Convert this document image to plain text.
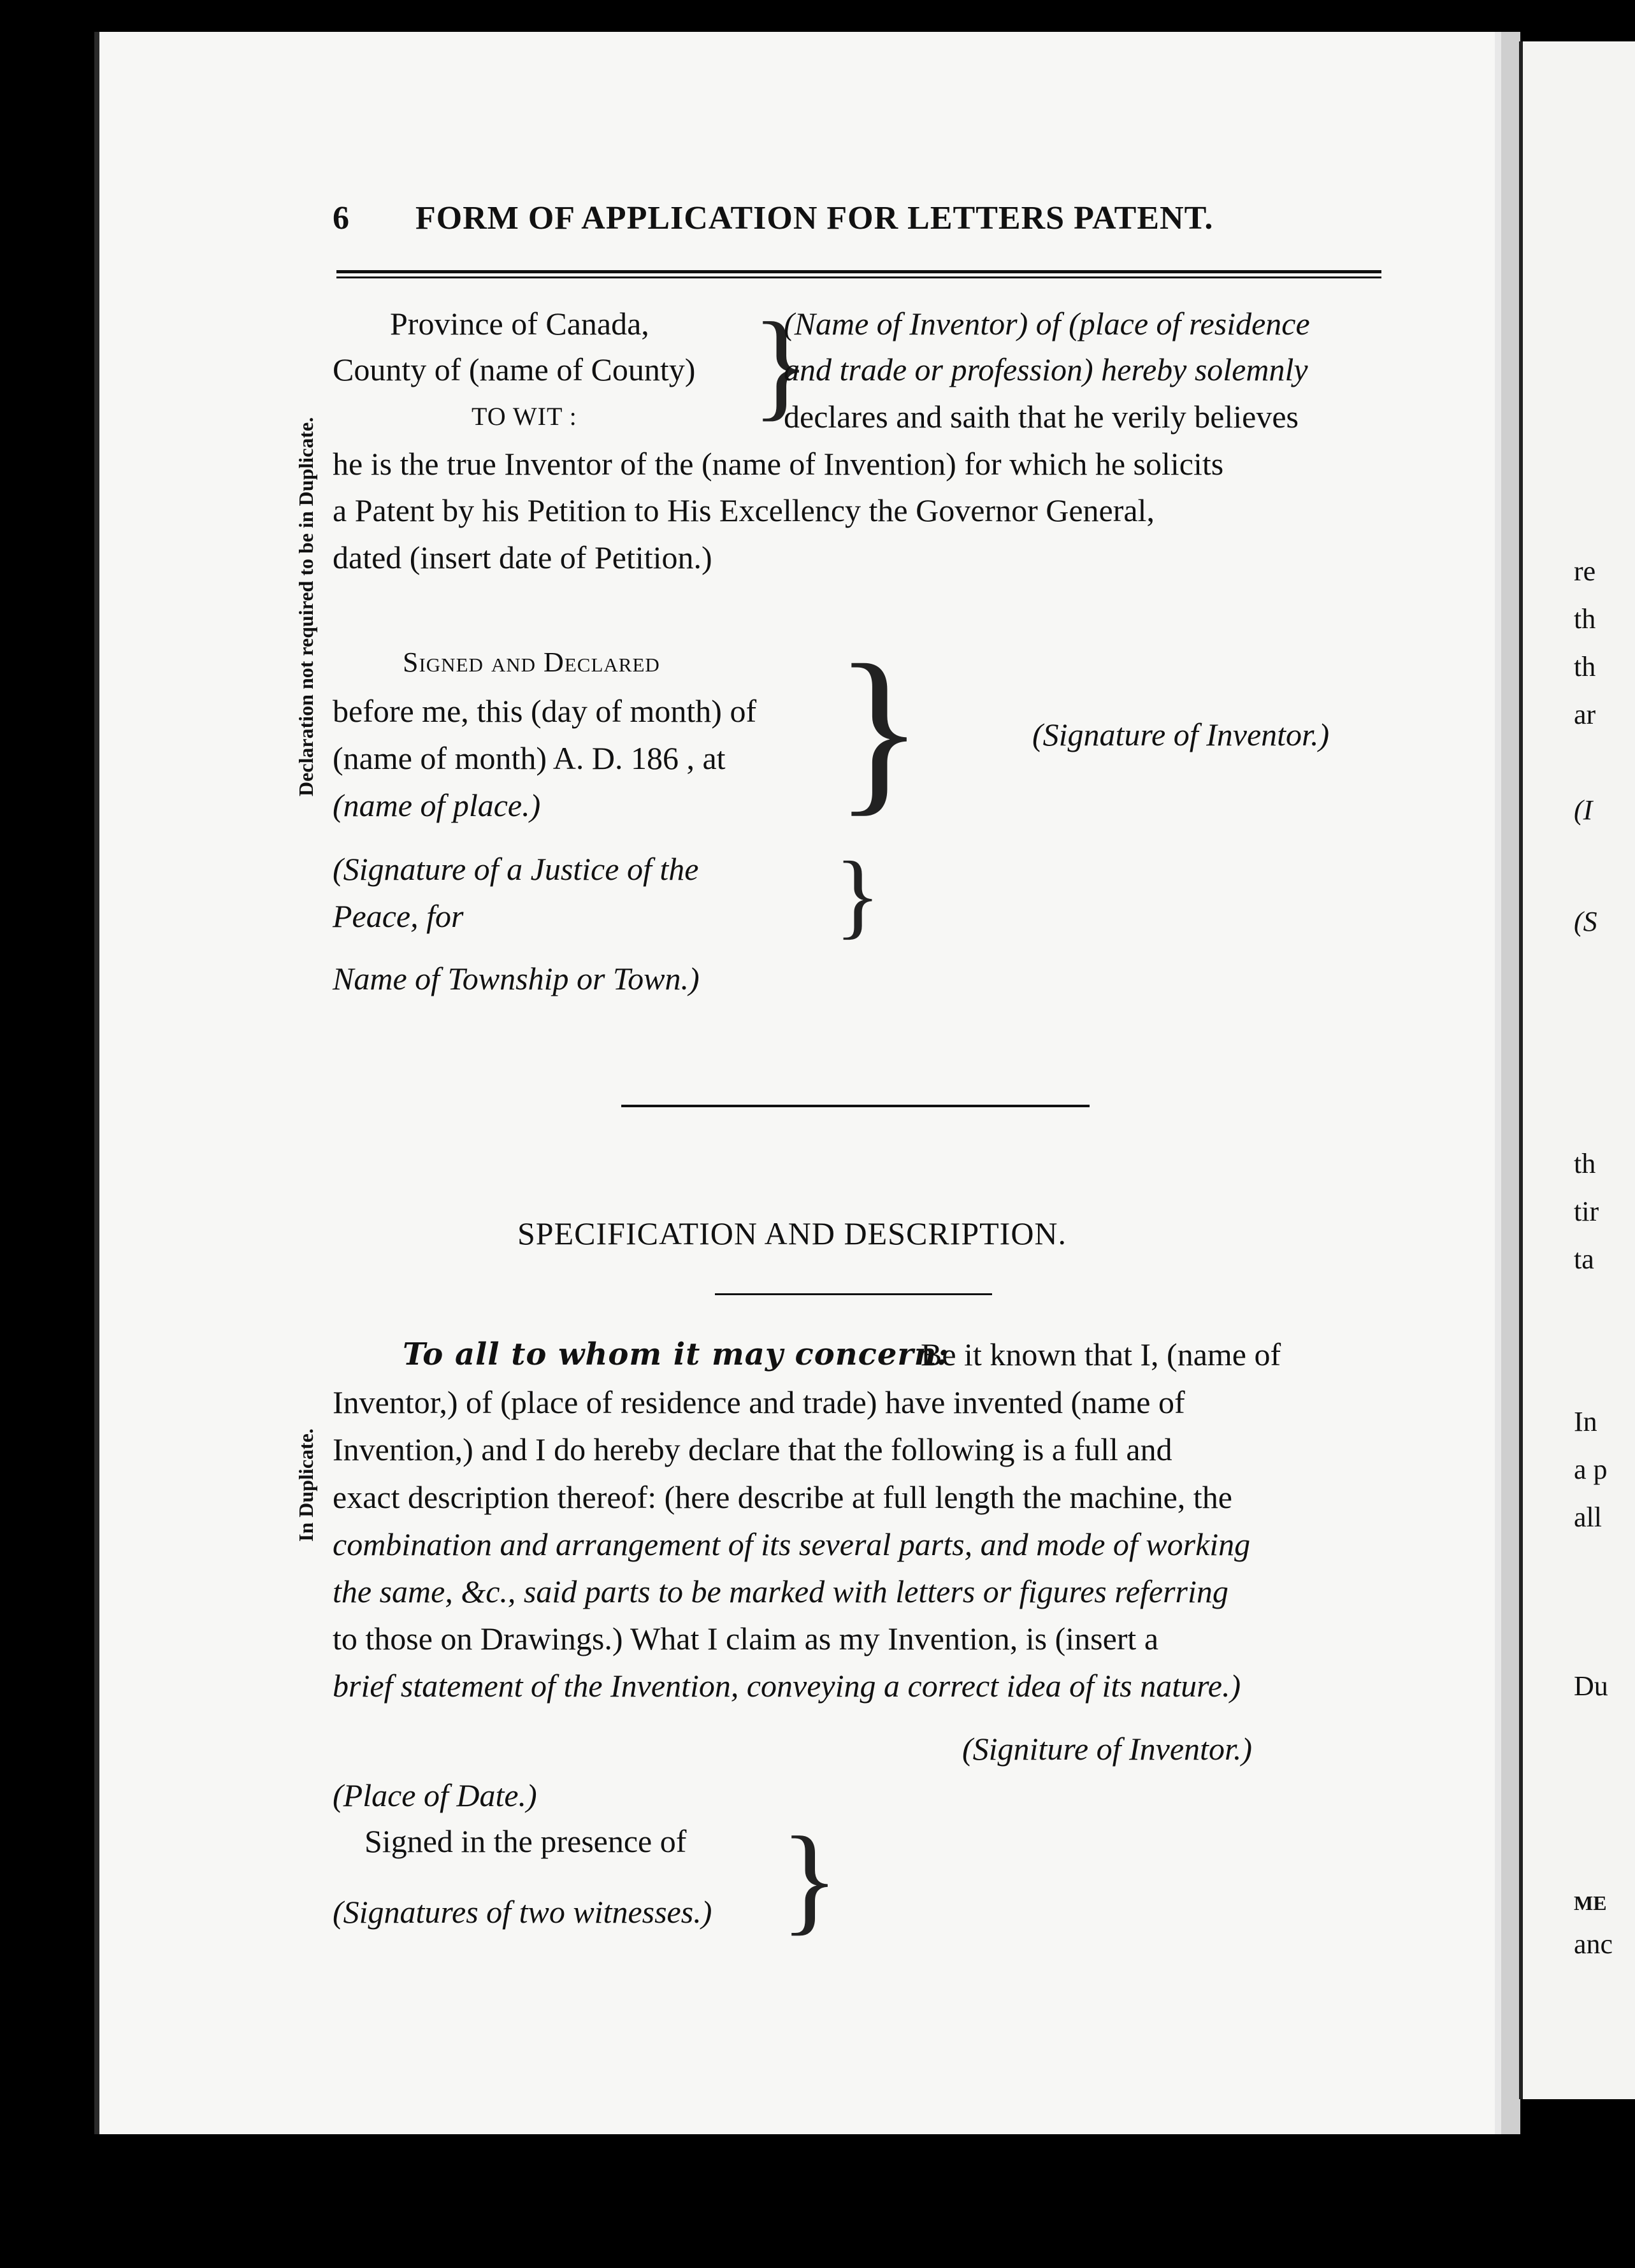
re
th
th
ar
(I
(S
th
tir
ta
In
a p
all
Du
ME
anc
6 FORM OF APPLICATION FOR LETTERS PATENT.
Declaration not required to be in Duplicate.
In Duplicate.
Province of Canada,
County of (name of County)
TO WIT : }
(Name of Inventor) of (place of residence
and trade or profession) hereby solemnly
declares and saith that he verily believes
he is the true Inventor of the (name of Invention) for which he solicits
a Patent by his Petition to His Excellency the Governor General,
dated (insert date of Petition.)
Signed and Declared
before me, this (day of month) of
(name of month) A. D. 186 , at
(name of place.) }	(Signature of Inventor.)
(Signature of a Justice of the
Peace, for	}
Name of Township or Town.)
SPECIFICATION AND DESCRIPTION.
To all to whom it may concern:
Be it known that I, (name of
Inventor,) of (place of residence and trade) have invented (name of
Invention,) and I do hereby declare that the following is a full and
exact description thereof: (here describe at full length the machine, the
combination and arrangement of its several parts, and mode of working
the same, &c., said parts to be marked with letters or figures referring
to those on Drawings.) What I claim as my Invention, is (insert a
brief statement of the Invention, conveying a correct idea of its nature.)
(Signiture of Inventor.)
(Place of Date.)
Signed in the presence of
(Signatures of two witnesses.) }
